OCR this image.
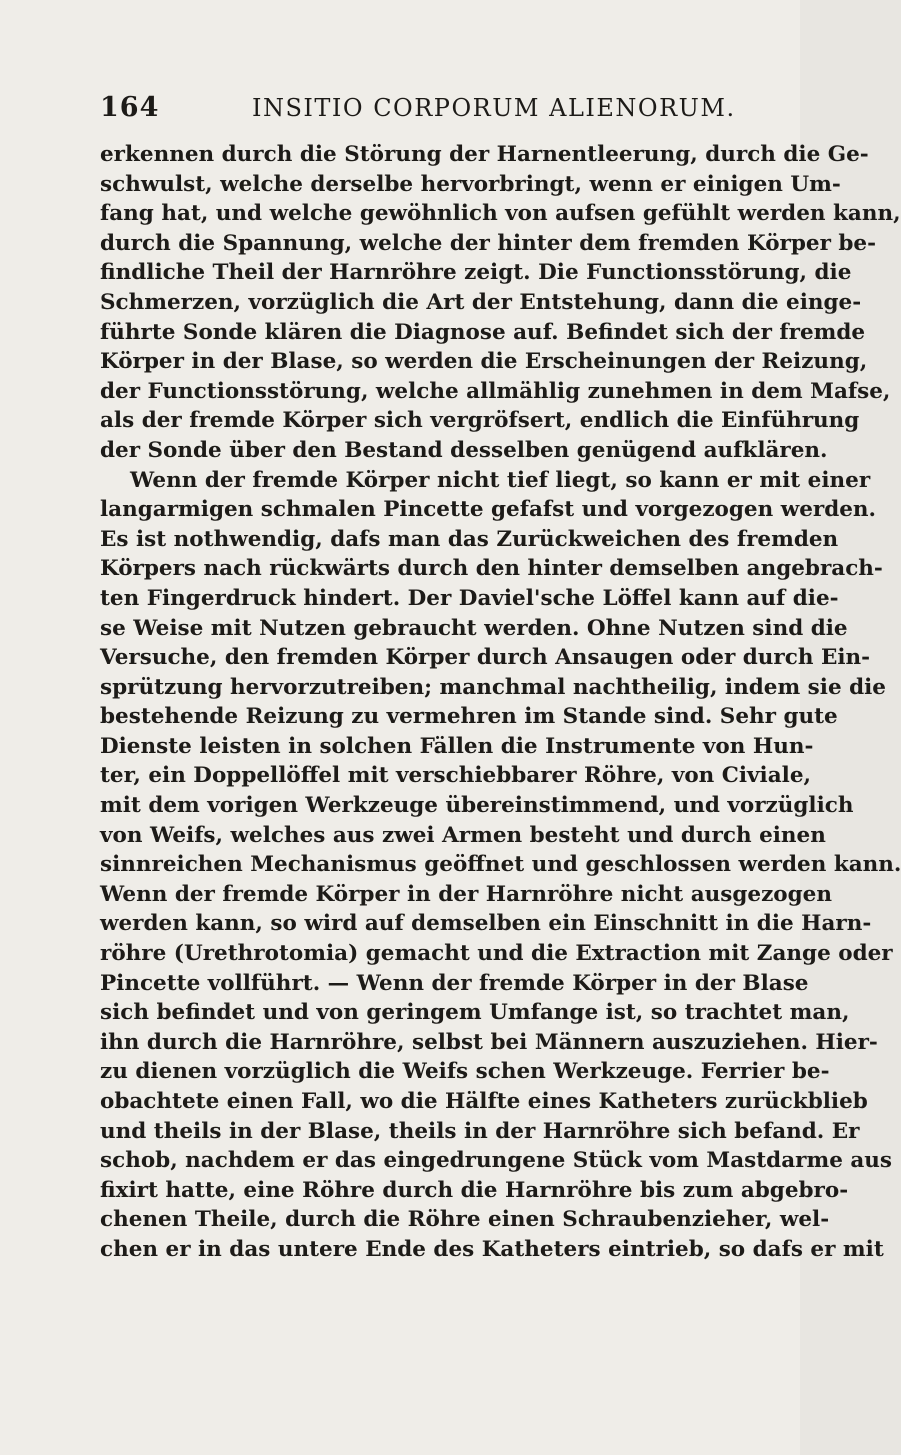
164	INSITIO CORPORUM ALIENORUM.
erkennen durch die Störung der Harnentleerung, durch die Ge-
schwulst, welche derselbe hervorbringt, wenn er einigen Um-
fang hat, und welche gewöhnlich von aufsen gefühlt werden kann,
durch die Spannung, welche der hinter dem fremden Körper be-
findliche Theil der Harnröhre zeigt. Die Functionsstörung, die
Schmerzen, vorzüglich die Art der Entstehung, dann die einge-
führte Sonde klären die Diagnose auf. Befindet sich der fremde
Körper in der Blase, so werden die Erscheinungen der Reizung,
der Functionsstörung, welche allmählig zunehmen in dem Mafse,
als der fremde Körper sich vergröfsert, endlich die Einführung
der Sonde über den Bestand desselben genügend aufklären.
Wenn der fremde Körper nicht tief liegt, so kann er mit einer
langarmigen schmalen Pincette gefafst und vorgezogen werden.
Es ist nothwendig, dafs man das Zurückweichen des fremden
Körpers nach rückwärts durch den hinter demselben angebrach-
ten Fingerdruck hindert. Der Daviel'sche Löffel kann auf die-
se Weise mit Nutzen gebraucht werden. Ohne Nutzen sind die
Versuche, den fremden Körper durch Ansaugen oder durch Ein-
sprützung hervorzutreiben; manchmal nachtheilig, indem sie die
bestehende Reizung zu vermehren im Stande sind. Sehr gute
Dienste leisten in solchen Fällen die Instrumente von Hun-
ter, ein Doppellöffel mit verschiebbarer Röhre, von Civiale,
mit dem vorigen Werkzeuge übereinstimmend, und vorzüglich
von Weifs, welches aus zwei Armen besteht und durch einen
sinnreichen Mechanismus geöffnet und geschlossen werden kann.
Wenn der fremde Körper in der Harnröhre nicht ausgezogen
werden kann, so wird auf demselben ein Einschnitt in die Harn-
röhre (Urethrotomia) gemacht und die Extraction mit Zange oder
Pincette vollführt. — Wenn der fremde Körper in der Blase
sich befindet und von geringem Umfange ist, so trachtet man,
ihn durch die Harnröhre, selbst bei Männern auszuziehen. Hier-
zu dienen vorzüglich die Weifs schen Werkzeuge. Ferrier be-
obachtete einen Fall, wo die Hälfte eines Katheters zurückblieb
und theils in der Blase, theils in der Harnröhre sich befand. Er
schob, nachdem er das eingedrungene Stück vom Mastdarme aus
fixirt hatte, eine Röhre durch die Harnröhre bis zum abgebro-
chenen Theile, durch die Röhre einen Schraubenzieher, wel-
chen er in das untere Ende des Katheters eintrieb, so dafs er mit
